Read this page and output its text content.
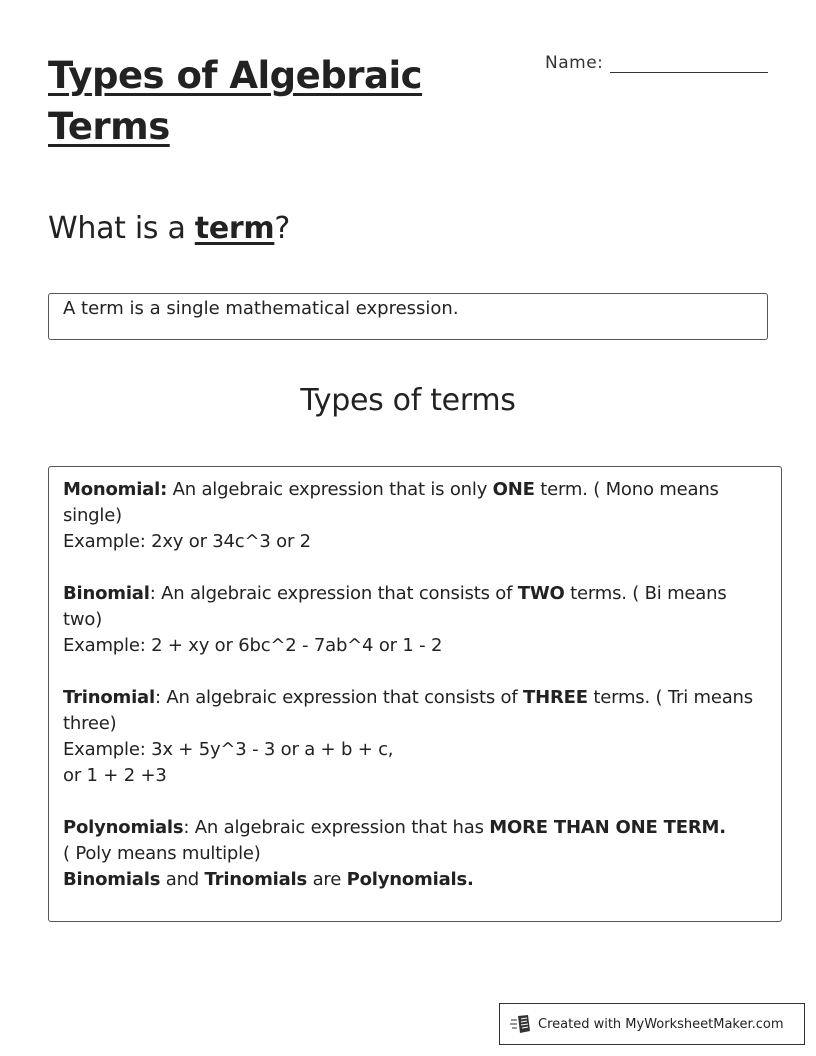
Types of Algebraic Terms
Name:
What is a term?
A term is a single mathematical expression.
Types of terms

Monomial: An algebraic expression that is only ONE term. ( Mono means single)
Example: 2xy or 34c^3 or 2

Binomial: An algebraic expression that consists of TWO terms. ( Bi means two)
Example: 2 + xy or 6bc^2 - 7ab^4 or 1 - 2

Trinomial: An algebraic expression that consists of THREE terms. ( Tri means three)
Example: 3x + 5y^3 - 3 or a + b + c,
or 1 + 2 +3

Polynomials: An algebraic expression that has MORE THAN ONE TERM.
( Poly means multiple)
Binomials and Trinomials are Polynomials.

Created with MyWorksheetMaker.com
